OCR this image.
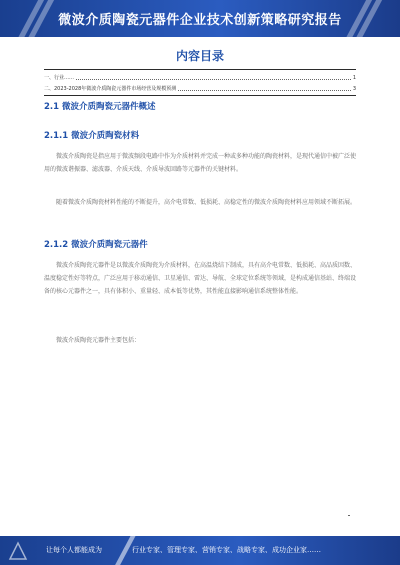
微波介质陶瓷元器件企业技术创新策略研究报告
内容目录
一、行业……	1
二、2023-2028年微波介质陶瓷元器件市场经营及规模预测	3
2.1 微波介质陶瓷元器件概述
2.1.1 微波介质陶瓷材料

微波介质陶瓷是指应用于微波频段电路中作为介质材料并完成一种或多种功能的陶瓷材料，是现代通信中被广泛使用的微波谐振器、滤波器、介质天线、介质导波回路等元器件的关键材料。

随着微波介质陶瓷材料性能的不断提升，高介电常数、低损耗、高稳定性的微波介质陶瓷材料应用领域不断拓展。

2.1.2 微波介质陶瓷元器件

微波介质陶瓷元器件是以微波介质陶瓷为介质材料，在高温烧结下制成，具有高介电常数、低损耗、高品质因数、温度稳定性好等特点，广泛应用于移动通信、卫星通信、雷达、导航、全球定位系统等领域，是构成通信基站、终端设备的核心元器件之一，具有体积小、重量轻、成本低等优势，其性能直接影响通信系统整体性能。

微波介质陶瓷元器件主要包括：

让每个人都能成为	行业专家、管理专家、营销专家、战略专家、成功企业家……
